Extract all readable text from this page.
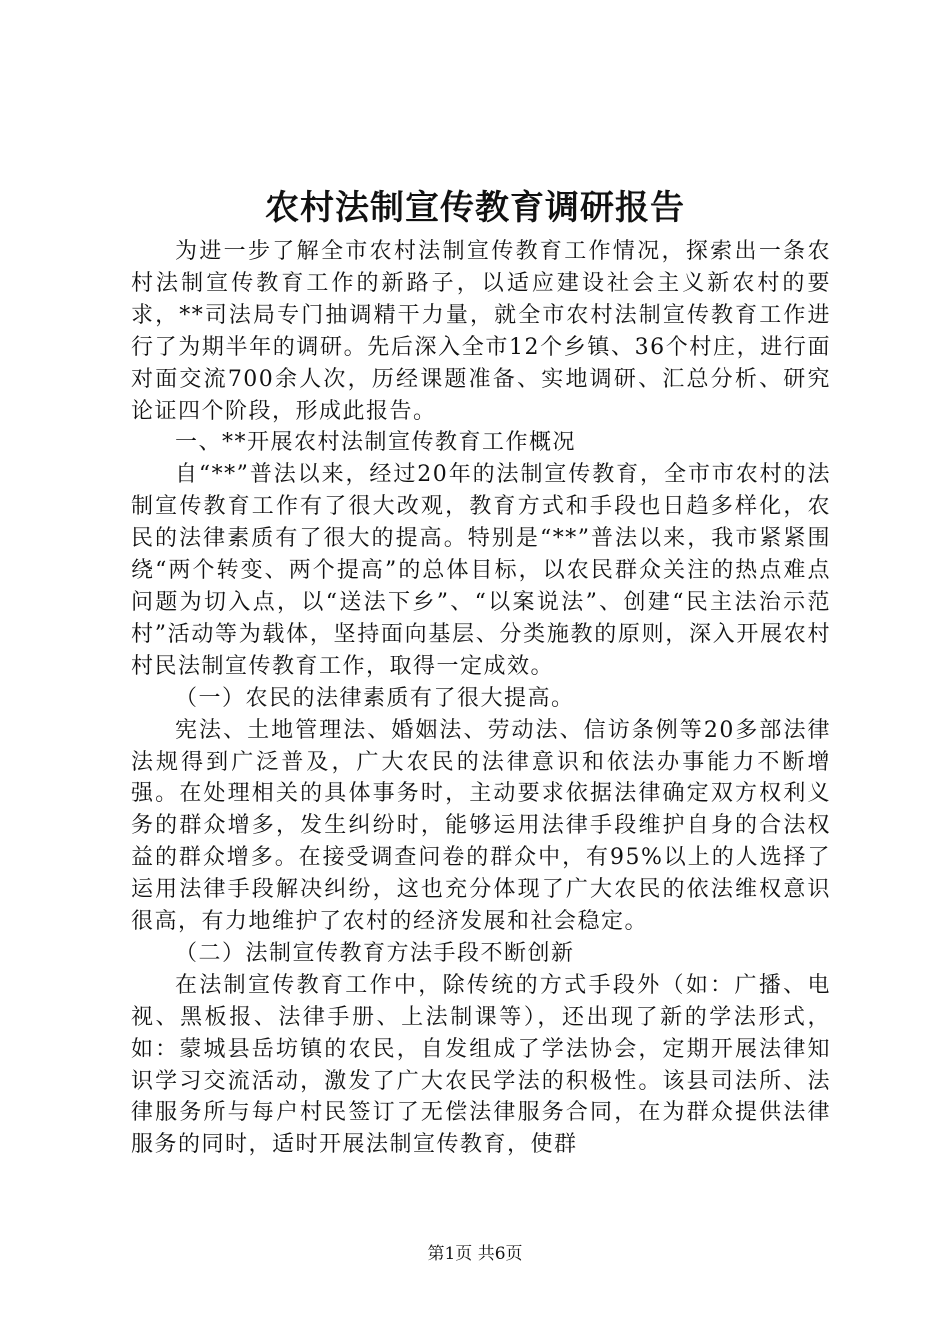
农村法制宣传教育调研报告

为进一步了解全市农村法制宣传教育工作情况，探索出一条农村法制宣传教育工作的新路子，以适应建设社会主义新农村的要求，**司法局专门抽调精干力量，就全市农村法制宣传教育工作进行了为期半年的调研。先后深入全市12个乡镇、36个村庄，进行面对面交流700余人次，历经课题准备、实地调研、汇总分析、研究论证四个阶段，形成此报告。

一、**开展农村法制宣传教育工作概况

自“**”普法以来，经过20年的法制宣传教育，全市市农村的法制宣传教育工作有了很大改观，教育方式和手段也日趋多样化，农民的法律素质有了很大的提高。特别是“**”普法以来，我市紧紧围绕“两个转变、两个提高”的总体目标，以农民群众关注的热点难点问题为切入点，以“送法下乡”、“以案说法”、创建“民主法治示范村”活动等为载体，坚持面向基层、分类施教的原则，深入开展农村村民法制宣传教育工作，取得一定成效。

（一）农民的法律素质有了很大提高。

宪法、土地管理法、婚姻法、劳动法、信访条例等20多部法律法规得到广泛普及，广大农民的法律意识和依法办事能力不断增强。在处理相关的具体事务时，主动要求依据法律确定双方权利义务的群众增多，发生纠纷时，能够运用法律手段维护自身的合法权益的群众增多。在接受调查问卷的群众中，有95%以上的人选择了运用法律手段解决纠纷，这也充分体现了广大农民的依法维权意识很高，有力地维护了农村的经济发展和社会稳定。

（二）法制宣传教育方法手段不断创新

在法制宣传教育工作中，除传统的方式手段外（如：广播、电视、黑板报、法律手册、上法制课等），还出现了新的学法形式，如：蒙城县岳坊镇的农民，自发组成了学法协会，定期开展法律知识学习交流活动，激发了广大农民学法的积极性。该县司法所、法律服务所与每户村民签订了无偿法律服务合同，在为群众提供法律服务的同时，适时开展法制宣传教育，使群

第1页 共6页
